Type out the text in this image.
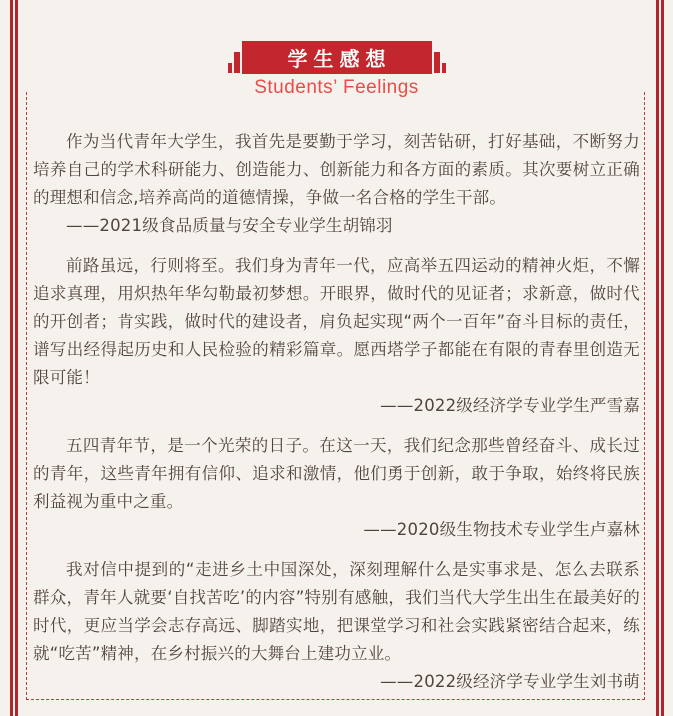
学生感想
Students’ Feelings

作为当代青年大学生，我首先是要勤于学习，刻苦钻研，打好基础，不断努力培养自己的学术科研能力、创造能力、创新能力和各方面的素质。其次要树立正确的理想和信念,培养高尚的道德情操，争做一名合格的学生干部。

——2021级食品质量与安全专业学生胡锦羽

前路虽远，行则将至。我们身为青年一代，应高举五四运动的精神火炬，不懈追求真理，用炽热年华勾勒最初梦想。开眼界，做时代的见证者；求新意，做时代的开创者；肯实践，做时代的建设者，肩负起实现“两个一百年”奋斗目标的责任，谱写出经得起历史和人民检验的精彩篇章。愿西塔学子都能在有限的青春里创造无限可能！

——2022级经济学专业学生严雪嘉

五四青年节，是一个光荣的日子。在这一天，我们纪念那些曾经奋斗、成长过的青年，这些青年拥有信仰、追求和激情，他们勇于创新，敢于争取，始终将民族利益视为重中之重。

——2020级生物技术专业学生卢嘉林

我对信中提到的“走进乡土中国深处，深刻理解什么是实事求是、怎么去联系群众，青年人就要‘自找苦吃’的内容”特别有感触，我们当代大学生出生在最美好的时代，更应当学会志存高远、脚踏实地，把课堂学习和社会实践紧密结合起来，练就“吃苦”精神，在乡村振兴的大舞台上建功立业。

——2022级经济学专业学生刘书萌
